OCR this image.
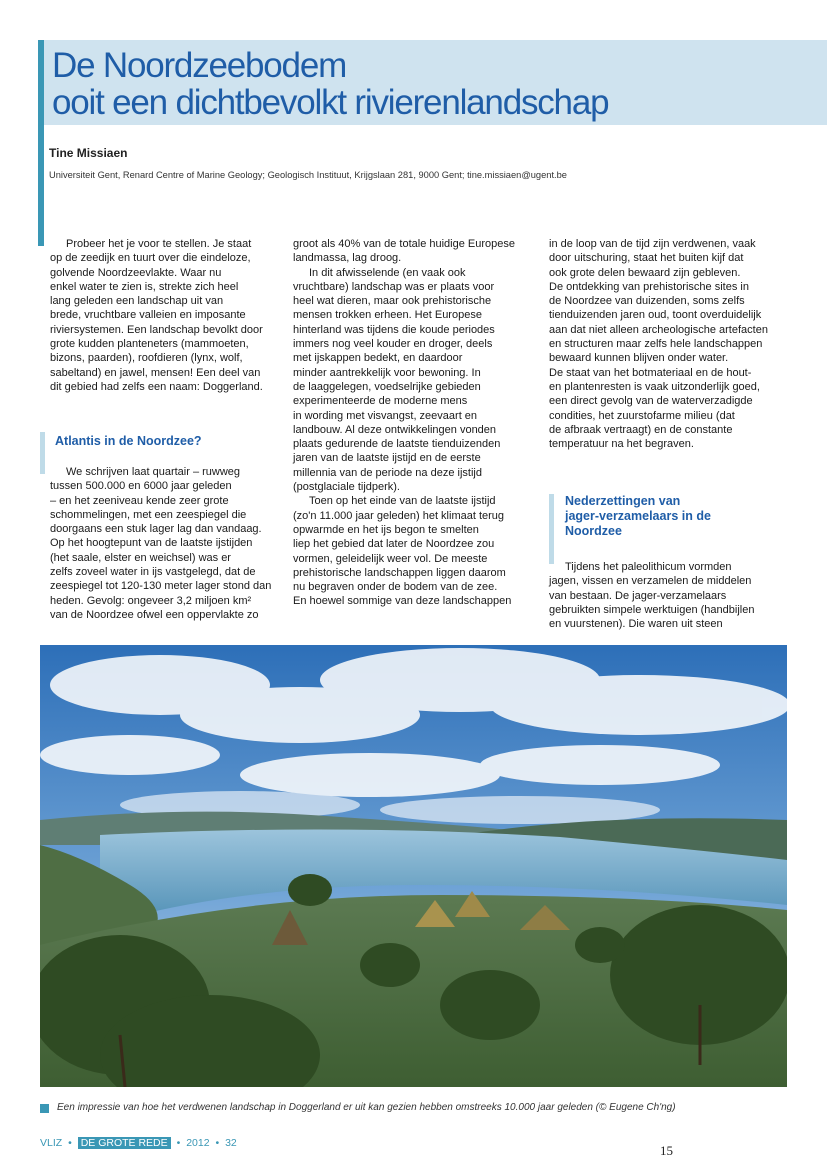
De Noordzeebodem
ooit een dichtbevolkt rivierenlandschap
Tine Missiaen
Universiteit Gent, Renard Centre of Marine Geology; Geologisch Instituut, Krijgslaan 281, 9000 Gent; tine.missiaen@ugent.be
Probeer het je voor te stellen. Je staat
op de zeedijk en tuurt over die eindeloze,
golvende Noordzeevlakte. Waar nu
enkel water te zien is, strekte zich heel
lang geleden een landschap uit van
brede, vruchtbare valleien en imposante
riviersystemen. Een landschap bevolkt door
grote kudden planteneters (mammoeten,
bizons, paarden), roofdieren (lynx, wolf,
sabeltand) en jawel, mensen! Een deel van
dit gebied had zelfs een naam: Doggerland.
Atlantis in de Noordzee?
We schrijven laat quartair – ruwweg
tussen 500.000 en 6000 jaar geleden
– en het zeeniveau kende zeer grote
schommelingen, met een zeespiegel die
doorgaans een stuk lager lag dan vandaag.
Op het hoogtepunt van de laatste ijstijden
(het saale, elster en weichsel) was er
zelfs zoveel water in ijs vastgelegd, dat de
zeespiegel tot 120-130 meter lager stond dan
heden. Gevolg: ongeveer 3,2 miljoen km²
van de Noordzee ofwel een oppervlakte zo
groot als 40% van de totale huidige Europese
landmassa, lag droog.
In dit afwisselende (en vaak ook
vruchtbare) landschap was er plaats voor
heel wat dieren, maar ook prehistorische
mensen trokken erheen. Het Europese
hinterland was tijdens die koude periodes
immers nog veel kouder en droger, deels
met ijskappen bedekt, en daardoor
minder aantrekkelijk voor bewoning. In
de laaggelegen, voedselrijke gebieden
experimenteerde de moderne mens
in wording met visvangst, zeevaart en
landbouw. Al deze ontwikkelingen vonden
plaats gedurende de laatste tienduizenden
jaren van de laatste ijstijd en de eerste
millennia van de periode na deze ijstijd
(postglaciale tijdperk).
Toen op het einde van de laatste ijstijd
(zo'n 11.000 jaar geleden) het klimaat terug
opwarmde en het ijs begon te smelten
liep het gebied dat later de Noordzee zou
vormen, geleidelijk weer vol. De meeste
prehistorische landschappen liggen daarom
nu begraven onder de bodem van de zee.
En hoewel sommige van deze landschappen
in de loop van de tijd zijn verdwenen, vaak
door uitschuring, staat het buiten kijf dat
ook grote delen bewaard zijn gebleven.
De ontdekking van prehistorische sites in
de Noordzee van duizenden, soms zelfs
tienduizenden jaren oud, toont overduidelijk
aan dat niet alleen archeologische artefacten
en structuren maar zelfs hele landschappen
bewaard kunnen blijven onder water.
De staat van het botmateriaal en de hout-
en plantenresten is vaak uitzonderlijk goed,
een direct gevolg van de waterverzadigde
condities, het zuurstofarme milieu (dat
de afbraak vertraagt) en de constante
temperatuur na het begraven.
Nederzettingen van
jager-verzamelaars in de
Noordzee
Tijdens het paleolithicum vormden
jagen, vissen en verzamelen de middelen
van bestaan. De jager-verzamelaars
gebruikten simpele werktuigen (handbijlen
en vuurstenen). Die waren uit steen
Een impressie van hoe het verdwenen landschap in Doggerland er uit kan gezien hebben omstreeks 10.000 jaar geleden (© Eugene Ch'ng)
VLIZ • DE GROTE REDE • 2012 • 32	15
